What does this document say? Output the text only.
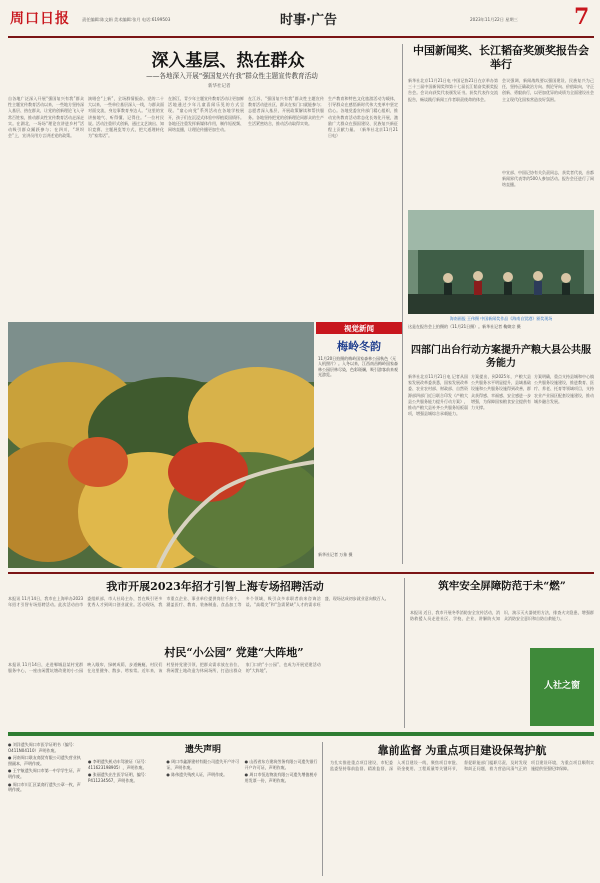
周口日报	责任编辑:陈文娟 美术编辑:张月 电话:6199503	时事·广告	2023年11月22日 星期三	7
深入基层、热在群众
——各地深入开展“强国复兴有我”群众性主题宣传教育活动
新华社记者
自各地广泛深入开展“强国复兴有我”群众性主题宣传教育活动以来，一些地方坚持深入基层、热在群众，让党的创新理论飞入寻常百姓家，推动群众性宣传教育活动走深走实。在湖北，一场场“理论宣讲进乡村”活动吸引群众踊跃参与；在四川，“坝坝会”上，宣讲员用方言讲述党的政策。
演唱会“上新”，全场群情振奋。党的二十大以来，一些单位基层深入一线，与群众面对面交流，身边事教育身边人。“这里的宣讲接地气、听得懂、记得住。”一位村民说。活动注重形式创新，通过文艺演出、知识竞赛、主题展览等方式，把大道理转化为“家常话”。
在浙江，青少年主题宣传教育活动让更加鲜活地通过少年儿童喜闻乐见的方式呈现。“童心向党”系列活动在各地学校展开，孩子们在沉浸式体验中厚植爱国情怀。各地还注重发挥新媒体作用，制作短视频、网络直播，让理论传播更加生动。
在江苏，“强国复兴有我”群众性主题宣传教育活动进社区，群众在家门口就能参与；志愿者深入基层，开展政策解读和帮扶服务。各地坚持把党的创新理论同群众的生产生活紧密结合，推动活动取得实效。
生产教育和特色文化旅游活动为载体，引导群众在感悟新时代伟大变革中坚定信心。各地党委宣传部门精心组织，推动宣传教育活动常态化长效化开展，激励广大群众在强国建设、民族复兴新征程上贡献力量。（新华社北京11月21日电）
中国新闻奖、长江韬奋奖颁奖报告会举行
新华社北京11月21日电 中国记协21日在京举办第三十三届中国新闻奖和第十七届长江韬奋奖颁奖报告会。会议向获奖代表颁发证书。获奖代表作交流报告，畅谈践行新闻工作者职责使命的体会。
会议强调，新闻战线要以强国建设、民族复兴为己任，坚持正确政治方向、舆论导向、价值取向，守正创新、勇毅前行，以更加优异的成绩为全面建设社会主义现代化国家营造良好氛围。
中宣部、中国记协有关负责同志，获奖者代表，首都新闻界代表等约500人参加活动。报告会还进行了网络直播。
海南画报 王伟摄 中国新闻奖作品《海南自贸港》颁奖现场
这是在报告会上拍摄的（11月21日摄）。新华社记者 鞠焕宗 摄
视觉新闻
梅岭冬韵
11月20日拍摄的梅岭国家森林公园秋色（无人机照片）。入冬以来，江西南昌梅岭国家森林公园层林尽染，色彩斑斓，吸引游客前来观光游览。
新华社记者 万象 摄
四部门出台行动方案提升产粮大县公共服务能力
新华社北京11月21日电 记者从国家发展改革委获悉，国家发展改革委、农业农村部、财政部、自然资源部四部门近日联合印发《产粮大县公共服务能力提升行动方案》，推动产粮大县补齐公共服务短板弱项，增强县城综合承载能力。
方案提出，到2025年，产粮大县公共服务水平明显提升，县域基础设施和公共服务设施得到改善，群众获得感、幸福感、安全感进一步增强，为保障国家粮食安全提供有力支撑。
方案明确，重点支持县城和中心镇公共服务设施建设，推进教育、医疗、养老、托育等领域项目，支持农业产业园区配套设施建设，推动城乡融合发展。
我市开展2023年招才引智上海专场招聘活动
本报讯 11月14日，我市在上海举办2023年招才引智专场招聘活动。此次活动由市委组织部、市人社局主办，旨在吸引更多优秀人才到周口创业就业。活动现场，我市重点企业、事业单位提供岗位千余个，涵盖医疗、教育、装备制造、食品加工等多个领域，吸引众多求职者前来咨询洽谈。“高精尖”和“急需紧缺”人才的需求旺盛，现场达成初步就业意向数百人。
村民“小公园” 党建“大阵地”
本报讯 11月14日，走进郸城县某村党群服务中心，一座由闲置坑塘改建的小公园映入眼帘，绿树成荫，步道蜿蜒，村民们在这里健身、散步、唠家常。近年来，该村坚持党建引领，把群众需求放在首位，将闲置土地改造为休闲场所，打造出群众家门口的“小公园”，也成为开展党建活动的“大阵地”。
筑牢安全屏障防范于未“燃”
本报讯 近日，我市开展冬季消防安全宣传活动，消防救援人员走进社区、学校、企业，讲解防火知识，演示灭火器使用方法，排查火灾隐患，增强群众消防安全意识和自防自救能力。
人社之窗
● 刘洋遗失周口市医学证明书（编号：O411N04110）声明作废。
● 河南周口联友商贸有限公司遗失营业执照副本，声明作废。
● 王宇航遗失周口市第一中学学生证，声明作废。
● 周口市川汇区某商行遗失公章一枚，声明作废。
遗失声明
● 李明遗失机动车驾驶证（证号：411623198905），声明作废。
● 张丽遗失出生医学证明，编号：P411234567，声明作废。
● 周口市鑫源建材有限公司遗失开户许可证，声明作废。
● 陈伟遗失残疾人证，声明作废。
● 山西省东方建筑劳务有限公司遗失银行开户许可证，声明作废。
● 周口市恒达物流有限公司遗失增值税专用发票一份，声明作废。
靠前监督 为重点项目建设保驾护航
为扎实推进重点项目建设，市纪委监委坚持靠前监督、精准监督，深入项目建设一线，聚焦项目审批、资金使用、工程质量等关键环节，督促职能部门履职尽责，及时发现和纠正问题，着力营造风清气正的项目建设环境，为重点项目顺利实施提供坚强纪律保障。
